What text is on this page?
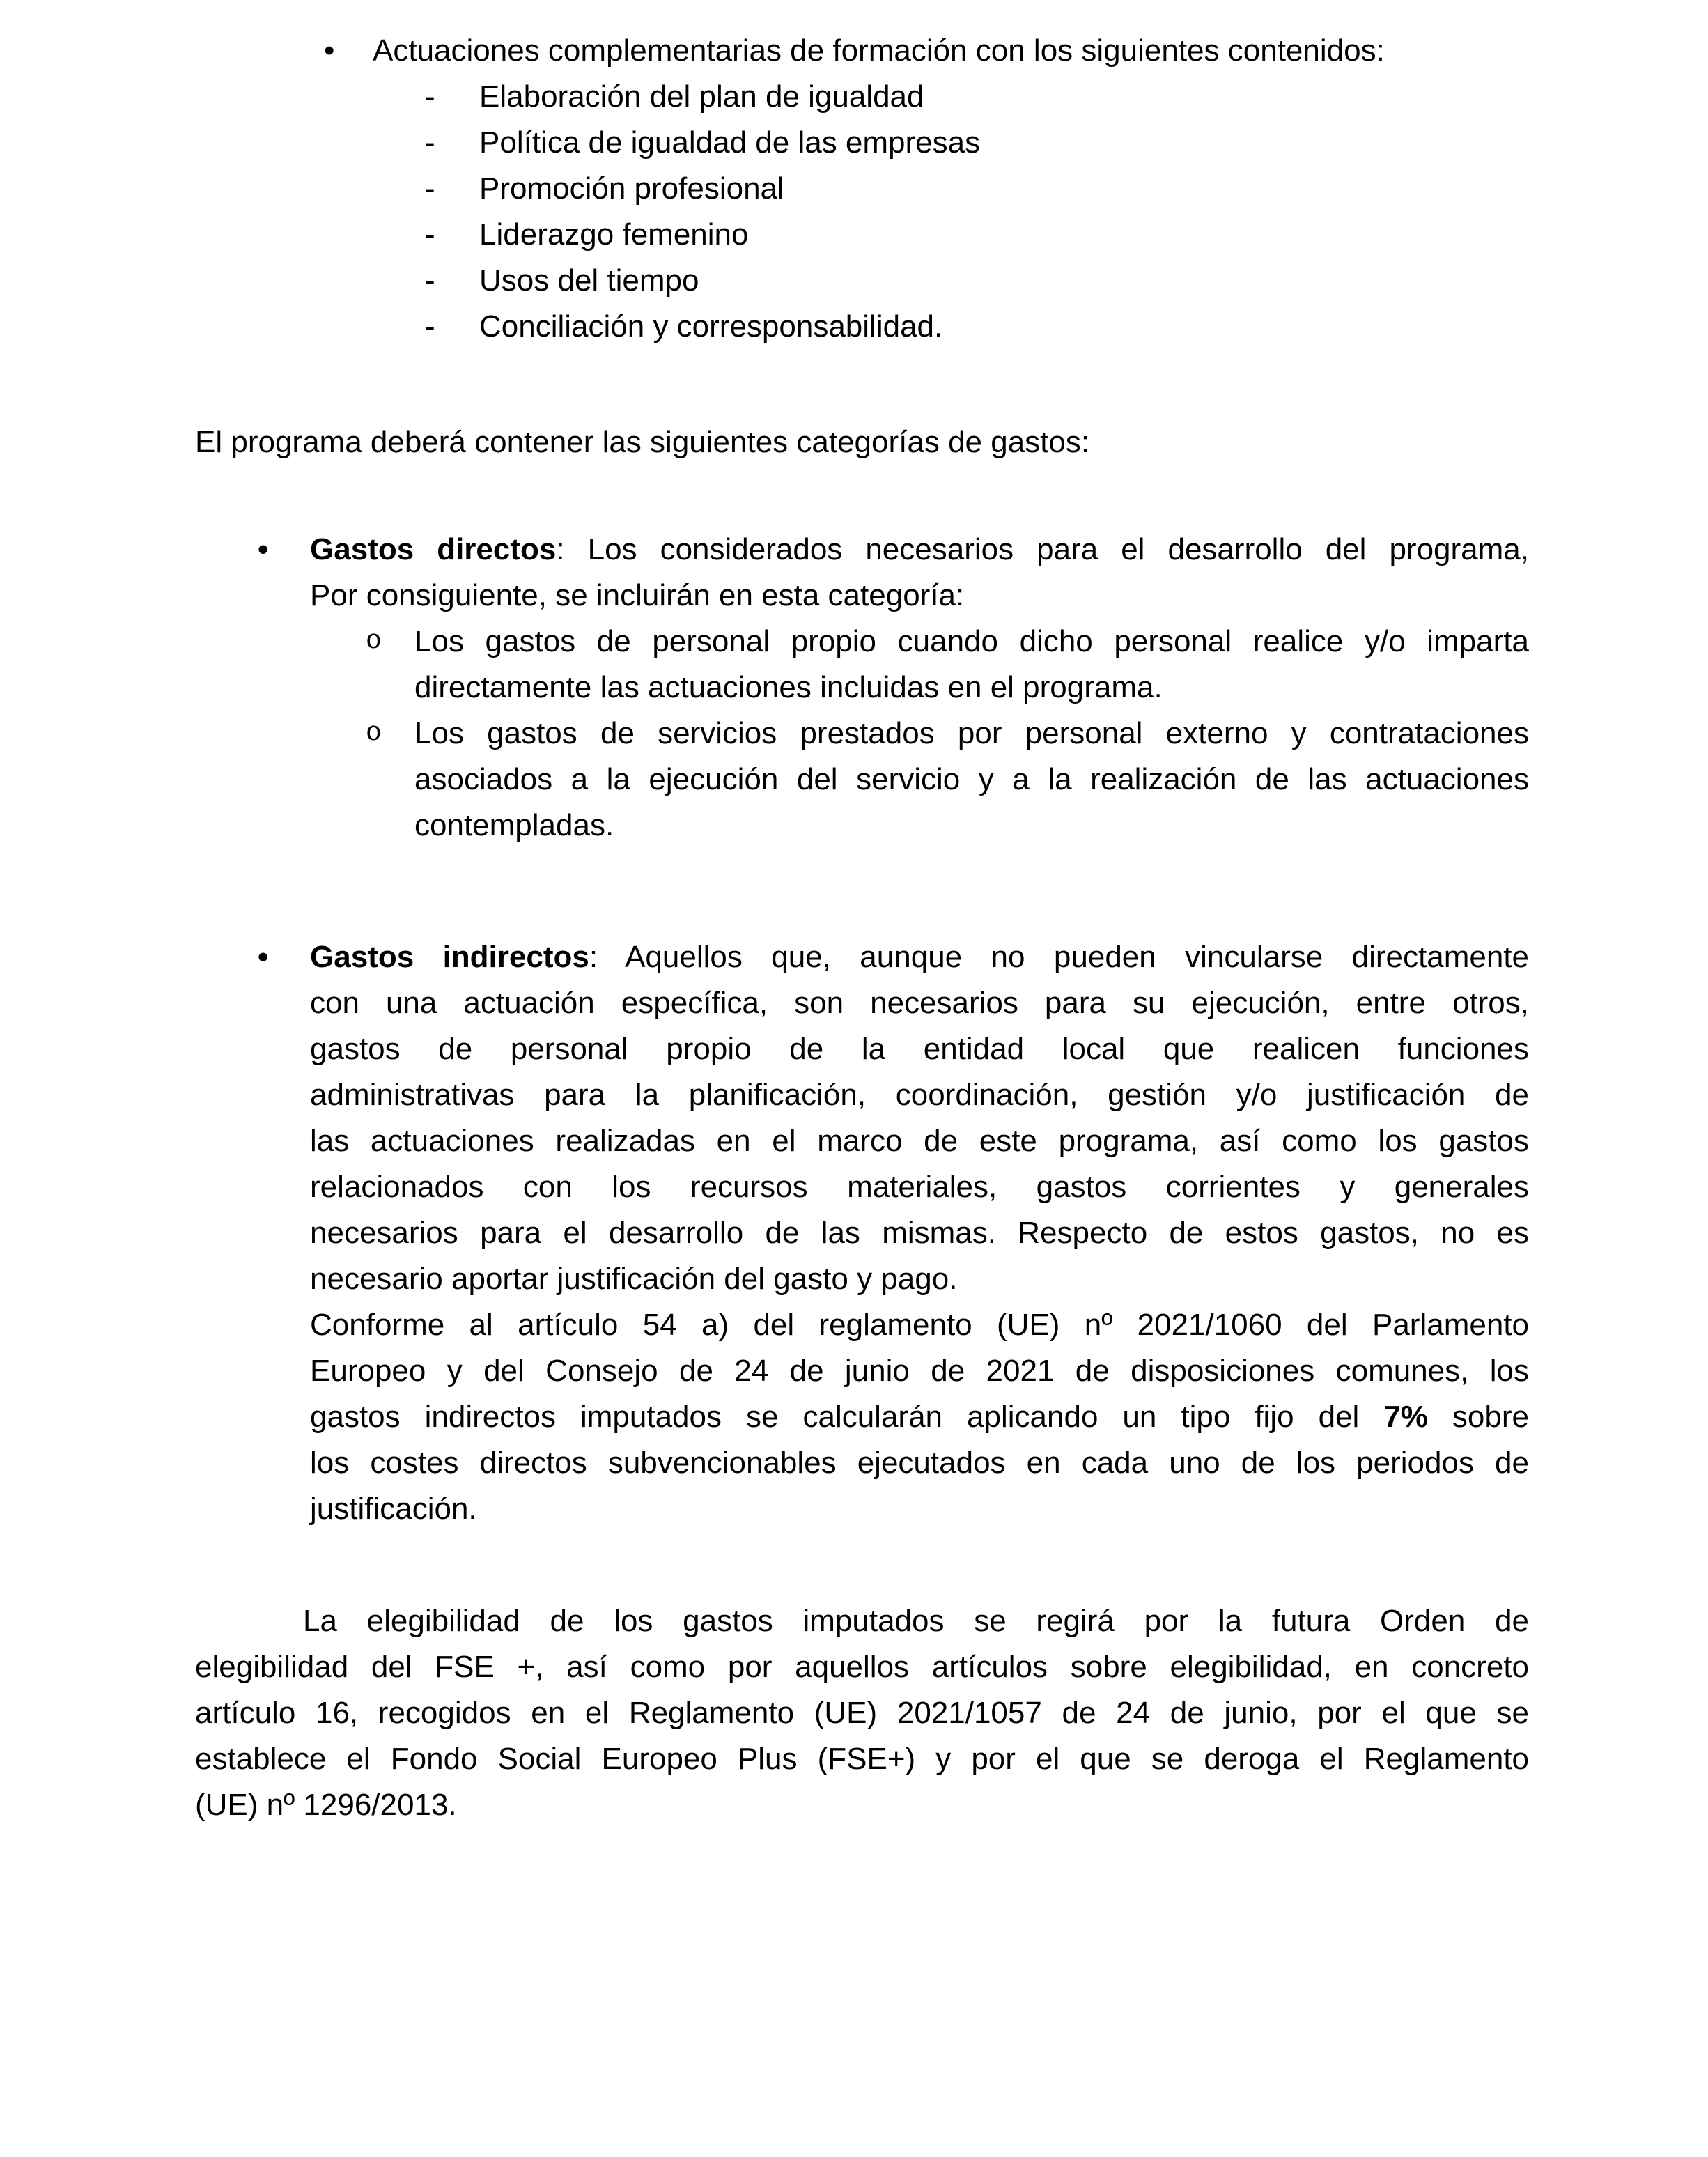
• Actuaciones complementarias de formación con los siguientes contenidos:
- Elaboración del plan de igualdad
- Política de igualdad de las empresas
- Promoción profesional
- Liderazgo femenino
- Usos del tiempo
- Conciliación y corresponsabilidad.
El programa deberá contener las siguientes categorías de gastos:
• Gastos directos: Los considerados necesarios para el desarrollo del programa,
Por consiguiente, se incluirán en esta categoría:
o Los gastos de personal propio cuando dicho personal realice y/o imparta
directamente las actuaciones incluidas en el programa.
o Los gastos de servicios prestados por personal externo y contrataciones
asociados a la ejecución del servicio y a la realización de las actuaciones
contempladas.
• Gastos indirectos: Aquellos que, aunque no pueden vincularse directamente
con una actuación específica, son necesarios para su ejecución, entre otros,
gastos de personal propio de la entidad local que realicen funciones
administrativas para la planificación, coordinación, gestión y/o justificación de
las actuaciones realizadas en el marco de este programa, así como los gastos
relacionados con los recursos materiales, gastos corrientes y generales
necesarios para el desarrollo de las mismas. Respecto de estos gastos, no es
necesario aportar justificación del gasto y pago.
Conforme al artículo 54 a) del reglamento (UE) nº 2021/1060 del Parlamento
Europeo y del Consejo de 24 de junio de 2021 de disposiciones comunes, los
gastos indirectos imputados se calcularán aplicando un tipo fijo del 7% sobre
los costes directos subvencionables ejecutados en cada uno de los periodos de
justificación.
La elegibilidad de los gastos imputados se regirá por la futura Orden de
elegibilidad del FSE +, así como por aquellos artículos sobre elegibilidad, en concreto
artículo 16, recogidos en el Reglamento (UE) 2021/1057 de 24 de junio, por el que se
establece el Fondo Social Europeo Plus (FSE+) y por el que se deroga el Reglamento
(UE) nº 1296/2013.
